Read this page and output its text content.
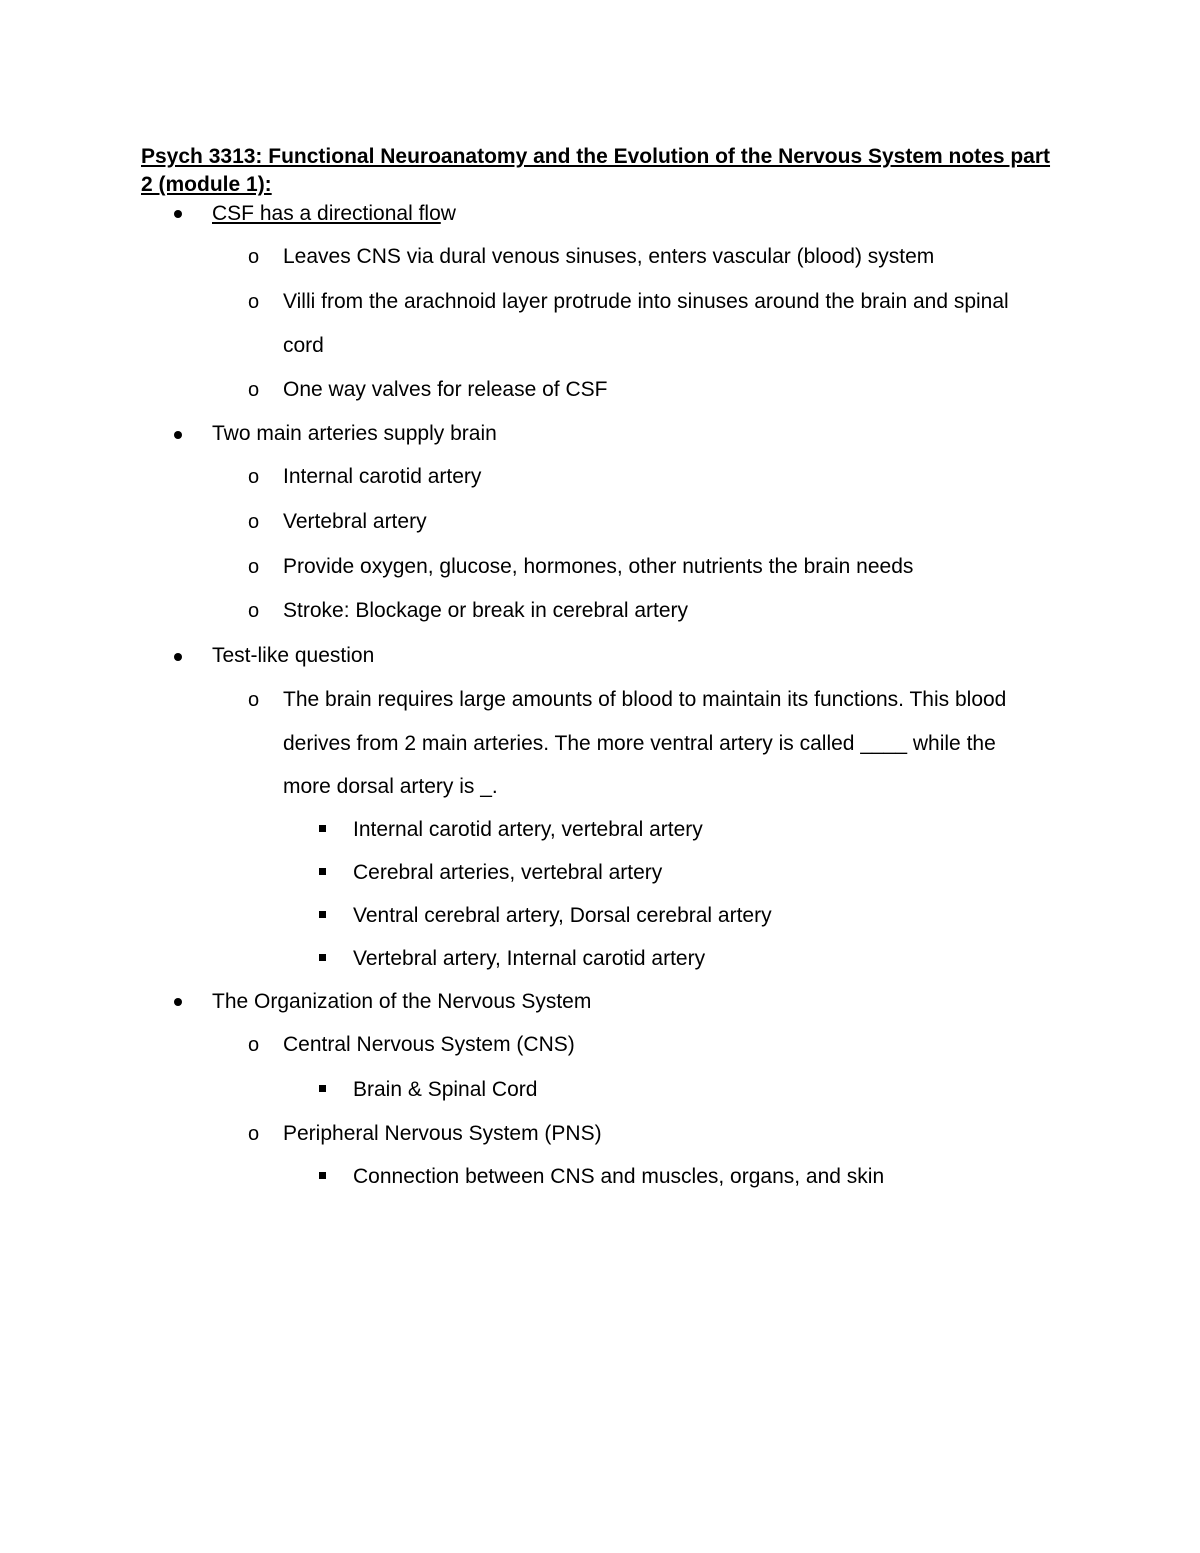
Psych 3313: Functional Neuroanatomy and the Evolution of the Nervous System notes part 2 (module 1):
CSF has a directional flow
o Leaves CNS via dural venous sinuses, enters vascular (blood) system
o Villi from the arachnoid layer protrude into sinuses around the brain and spinal
cord
o One way valves for release of CSF
Two main arteries supply brain
o Internal carotid artery
o Vertebral artery
o Provide oxygen, glucose, hormones, other nutrients the brain needs
o Stroke: Blockage or break in cerebral artery
Test-like question
o The brain requires large amounts of blood to maintain its functions. This blood
derives from 2 main arteries. The more ventral artery is called ____ while the
more dorsal artery is _.
Internal carotid artery, vertebral artery
Cerebral arteries, vertebral artery
Ventral cerebral artery, Dorsal cerebral artery
Vertebral artery, Internal carotid artery
The Organization of the Nervous System
o Central Nervous System (CNS)
Brain & Spinal Cord
o Peripheral Nervous System (PNS)
Connection between CNS and muscles, organs, and skin
